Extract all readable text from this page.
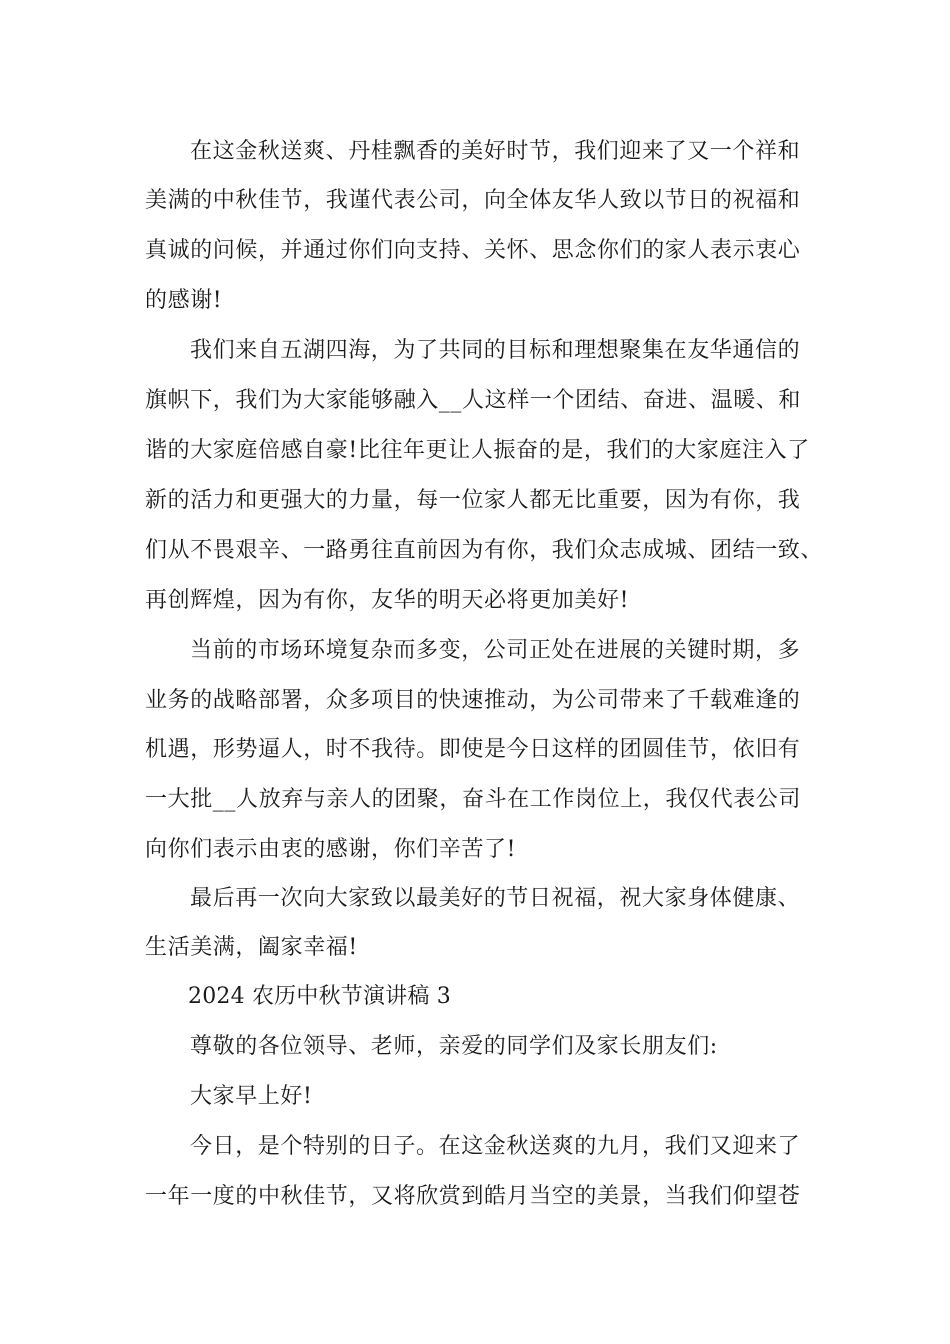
在这金秋送爽、丹桂飘香的美好时节，我们迎来了又一个祥和
美满的中秋佳节，我谨代表公司，向全体友华人致以节日的祝福和
真诚的问候，并通过你们向支持、关怀、思念你们的家人表示衷心
的感谢!
我们来自五湖四海，为了共同的目标和理想聚集在友华通信的
旗帜下，我们为大家能够融入__人这样一个团结、奋进、温暖、和
谐的大家庭倍感自豪!比往年更让人振奋的是，我们的大家庭注入了
新的活力和更强大的力量，每一位家人都无比重要，因为有你，我
们从不畏艰辛、一路勇往直前因为有你，我们众志成城、团结一致、
再创辉煌，因为有你，友华的明天必将更加美好!
当前的市场环境复杂而多变，公司正处在进展的关键时期，多
业务的战略部署，众多项目的快速推动，为公司带来了千载难逢的
机遇，形势逼人，时不我待。即使是今日这样的团圆佳节，依旧有
一大批__人放弃与亲人的团聚，奋斗在工作岗位上，我仅代表公司
向你们表示由衷的感谢，你们辛苦了!
最后再一次向大家致以最美好的节日祝福，祝大家身体健康、
生活美满，阖家幸福!
2024 农历中秋节演讲稿 3
尊敬的各位领导、老师，亲爱的同学们及家长朋友们:
大家早上好!
今日，是个特别的日子。在这金秋送爽的九月，我们又迎来了
一年一度的中秋佳节，又将欣赏到皓月当空的美景，当我们仰望苍
